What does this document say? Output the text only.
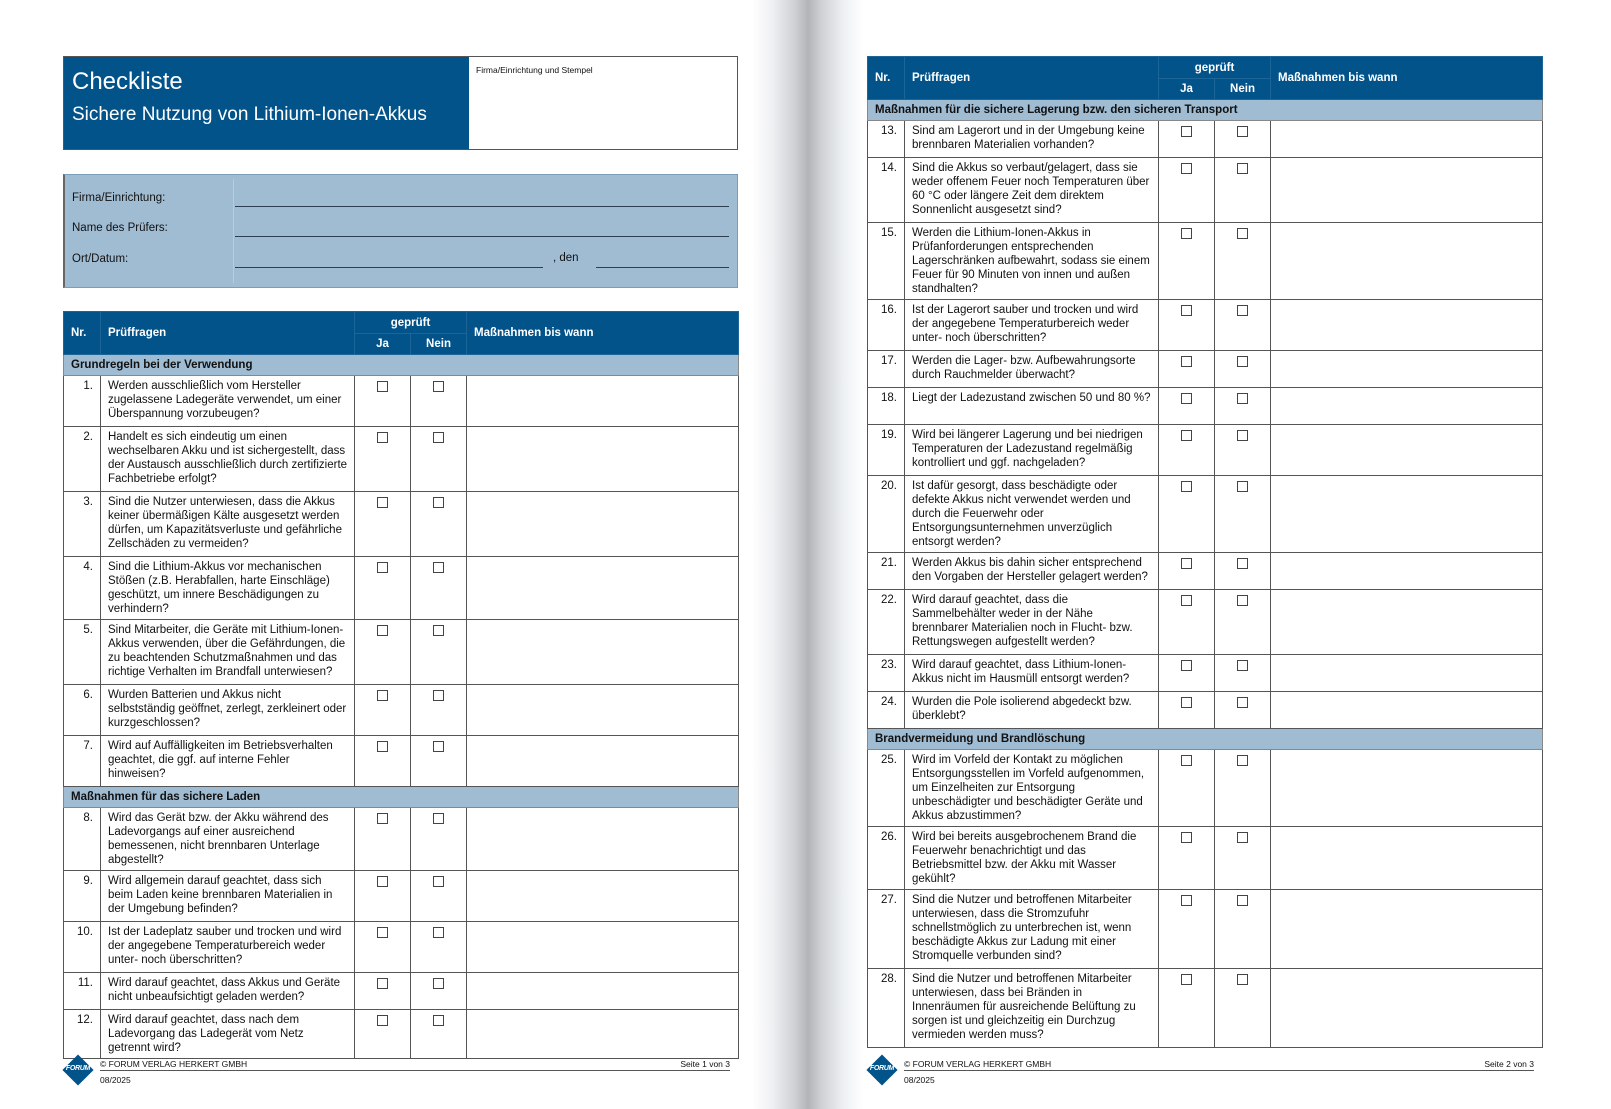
Checkliste
Sichere Nutzung von Lithium-Ionen-Akkus
Firma/Einrichtung und Stempel
Firma/Einrichtung:
Name des Prüfers:
Ort/Datum:	, den
Nr.	Prüffragen	geprüft		Maßnahmen bis wann
		Ja	Nein	
Grundregeln bei der Verwendung				
1.	Werden ausschließlich vom Hersteller zugelassene Ladegeräte verwendet, um einer Überspannung vorzubeugen?			
2.	Handelt es sich eindeutig um einen wechselbaren Akku und ist sichergestellt, dass der Austausch ausschließlich durch zertifizierte Fachbetriebe erfolgt?			
3.	Sind die Nutzer unterwiesen, dass die Akkus keiner übermäßigen Kälte ausgesetzt werden dürfen, um Kapazitätsverluste und gefährliche Zellschäden zu vermeiden?			
4.	Sind die Lithium-Akkus vor mechanischen Stößen (z.B. Herabfallen, harte Einschläge) geschützt, um innere Beschädigungen zu verhindern?			
5.	Sind Mitarbeiter, die Geräte mit Lithium-Ionen-Akkus verwenden, über die Gefährdungen, die zu beachtenden Schutzmaßnahmen und das richtige Verhalten im Brandfall unterwiesen?			
6.	Wurden Batterien und Akkus nicht selbstständig geöffnet, zerlegt, zerkleinert oder kurzgeschlossen?			
7.	Wird auf Auffälligkeiten im Betriebsverhalten geachtet, die ggf. auf interne Fehler hinweisen?			
Maßnahmen für das sichere Laden				
8.	Wird das Gerät bzw. der Akku während des Ladevorgangs auf einer ausreichend bemessenen, nicht brennbaren Unterlage abgestellt?			
9.	Wird allgemein darauf geachtet, dass sich beim Laden keine brennbaren Materialien in der Umgebung befinden?			
10.	Ist der Ladeplatz sauber und trocken und wird der angegebene Temperaturbereich weder unter- noch überschritten?			
11.	Wird darauf geachtet, dass Akkus und Geräte nicht unbeaufsichtigt geladen werden?			
12.	Wird darauf geachtet, dass nach dem Ladevorgang das Ladegerät vom Netz getrennt wird?			
FORUM	© FORUM VERLAG HERKERT GMBH
08/2025
Seite 1 von 3
Nr.	Prüffragen	geprüft		Maßnahmen bis wann
		Ja	Nein	
Maßnahmen für die sichere Lagerung bzw. den sicheren Transport				
13.	Sind am Lagerort und in der Umgebung keine brennbaren Materialien vorhanden?			
14.	Sind die Akkus so verbaut/gelagert, dass sie weder offenem Feuer noch Temperaturen über 60 °C oder längere Zeit dem direktem Sonnenlicht ausgesetzt sind?			
15.	Werden die Lithium-Ionen-Akkus in Prüfanforderungen entsprechenden Lagerschränken aufbewahrt, sodass sie einem Feuer für 90 Minuten von innen und außen standhalten?			
16.	Ist der Lagerort sauber und trocken und wird der angegebene Temperaturbereich weder unter- noch überschritten?			
17.	Werden die Lager- bzw. Aufbewahrungsorte durch Rauchmelder überwacht?			
18.	Liegt der Ladezustand zwischen 50 und 80 %?			
19.	Wird bei längerer Lagerung und bei niedrigen Temperaturen der Ladezustand regelmäßig kontrolliert und ggf. nachgeladen?			
20.	Ist dafür gesorgt, dass beschädigte oder defekte Akkus nicht verwendet werden und durch die Feuerwehr oder Entsorgungsunternehmen unverzüglich entsorgt werden?			
21.	Werden Akkus bis dahin sicher entsprechend den Vorgaben der Hersteller gelagert werden?			
22.	Wird darauf geachtet, dass die Sammelbehälter weder in der Nähe brennbarer Materialien noch in Flucht- bzw. Rettungswegen aufgestellt werden?			
23.	Wird darauf geachtet, dass Lithium-Ionen-Akkus nicht im Hausmüll entsorgt werden?			
24.	Wurden die Pole isolierend abgedeckt bzw. überklebt?			
Brandvermeidung und Brandlöschung				
25.	Wird im Vorfeld der Kontakt zu möglichen Entsorgungsstellen im Vorfeld aufgenommen, um Einzelheiten zur Entsorgung unbeschädigter und beschädigter Geräte und Akkus abzustimmen?			
26.	Wird bei bereits ausgebrochenem Brand die Feuerwehr benachrichtigt und das Betriebsmittel bzw. der Akku mit Wasser gekühlt?			
27.	Sind die Nutzer und betroffenen Mitarbeiter unterwiesen, dass die Stromzufuhr schnellstmöglich zu unterbrechen ist, wenn beschädigte Akkus zur Ladung mit einer Stromquelle verbunden sind?			
28.	Sind die Nutzer und betroffenen Mitarbeiter unterwiesen, dass bei Bränden in Innenräumen für ausreichende Belüftung zu sorgen ist und gleichzeitig ein Durchzug vermieden werden muss?			
FORUM	© FORUM VERLAG HERKERT GMBH
08/2025
Seite 2 von 3
